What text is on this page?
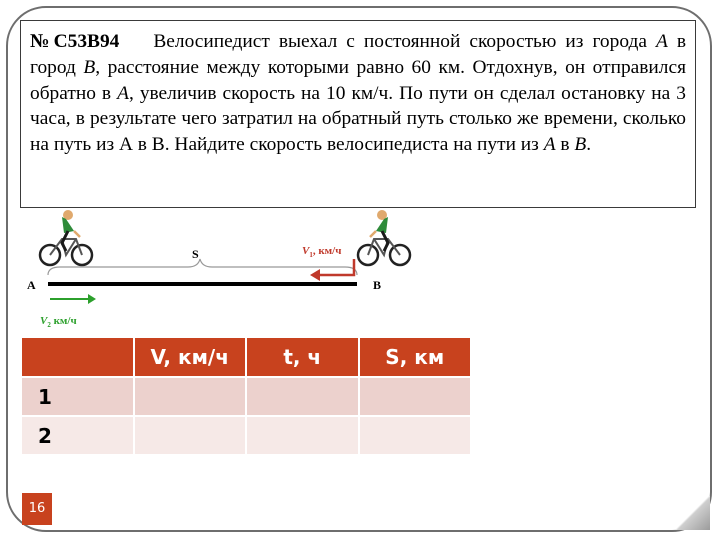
№C53B94 Велосипедист выехал с постоянной скоростью из города А в город В, расстояние между которыми равно 60 км. Отдохнув, он отправился обратно в А, увеличив скорость на 10 км/ч. По пути он сделал остановку на 3 часа, в результате чего затратил на обратный путь столько же времени, сколько на путь из А в В. Найдите скорость велосипедиста на пути из А в В.

S	$V_1$, км/ч
А	В
$V_2$ км/ч
	V, км/ч	t, ч	S, км
1			
2			
16
